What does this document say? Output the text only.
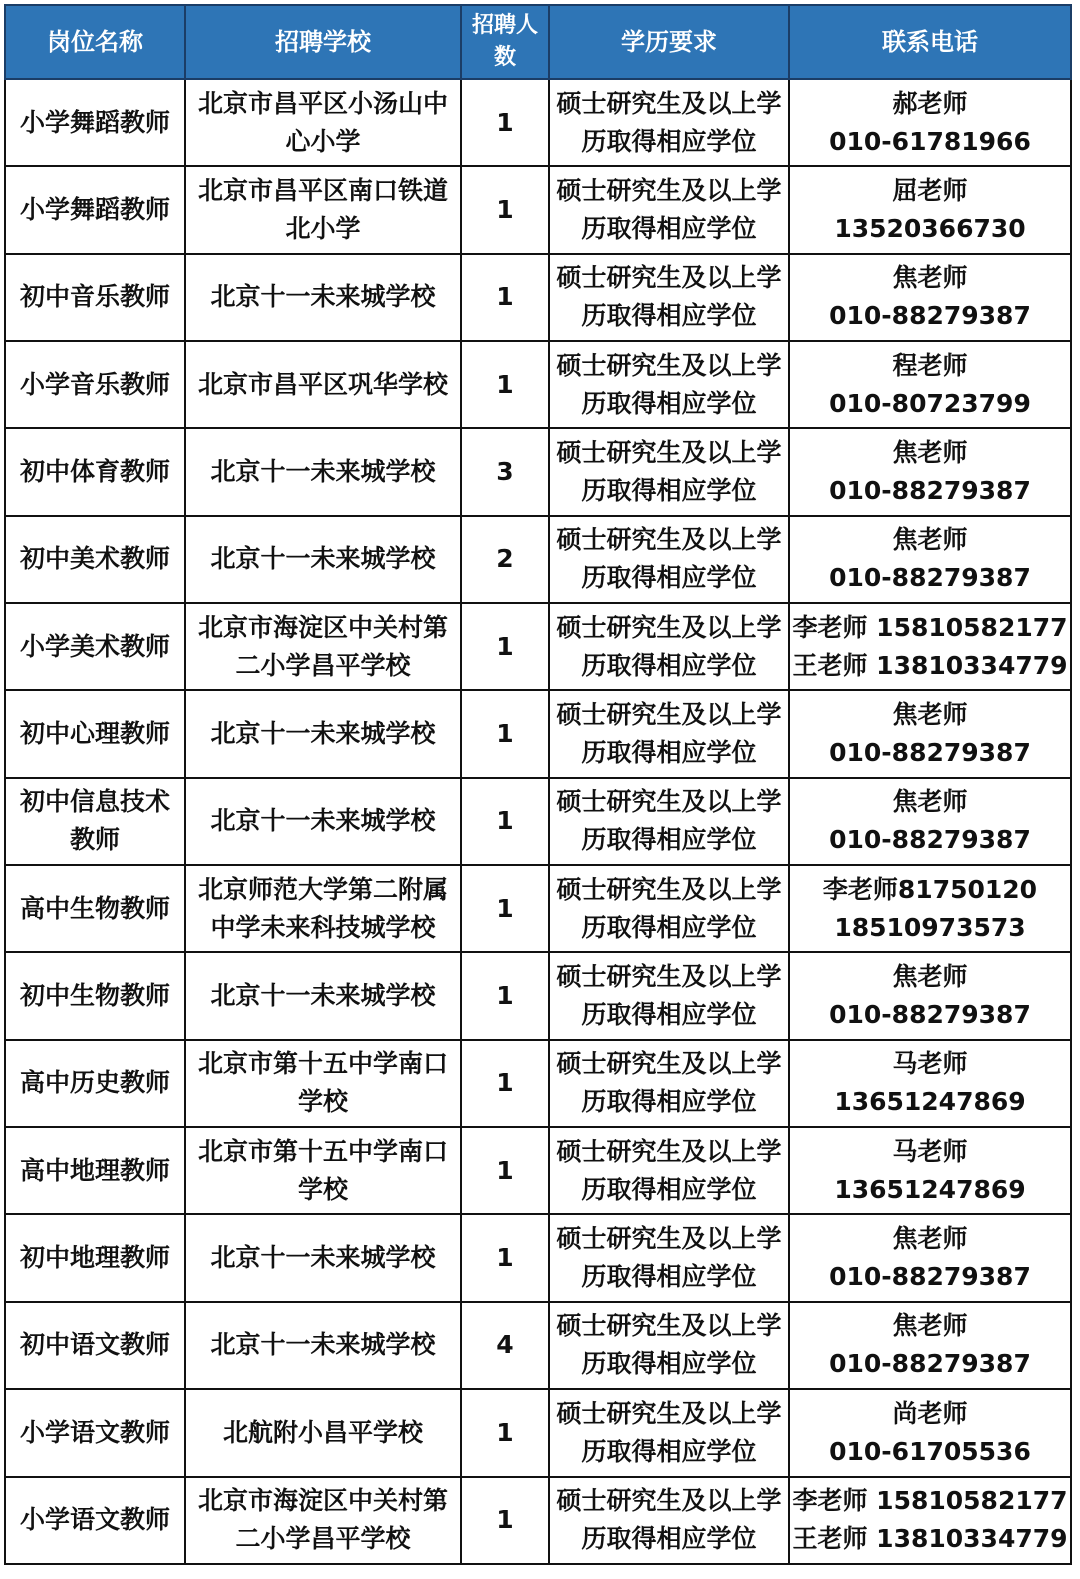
岗位名称	招聘学校	招聘人数	学历要求	联系电话
小学舞蹈教师	北京市昌平区小汤山中心小学	1	硕士研究生及以上学历取得相应学位	郝老师
010-61781966

小学舞蹈教师	北京市昌平区南口铁道北小学	1	硕士研究生及以上学历取得相应学位	屈老师
13520366730

初中音乐教师	北京十一未来城学校	1	硕士研究生及以上学历取得相应学位	焦老师
010-88279387

小学音乐教师	北京市昌平区巩华学校	1	硕士研究生及以上学历取得相应学位	程老师
010-80723799

初中体育教师	北京十一未来城学校	3	硕士研究生及以上学历取得相应学位	焦老师
010-88279387

初中美术教师	北京十一未来城学校	2	硕士研究生及以上学历取得相应学位	焦老师
010-88279387

小学美术教师	北京市海淀区中关村第二小学昌平学校	1	硕士研究生及以上学历取得相应学位	李老师 15810582177
王老师 13810334779

初中心理教师	北京十一未来城学校	1	硕士研究生及以上学历取得相应学位	焦老师
010-88279387

初中信息技术教师	北京十一未来城学校	1	硕士研究生及以上学历取得相应学位	焦老师
010-88279387

高中生物教师	北京师范大学第二附属中学未来科技城学校	1	硕士研究生及以上学历取得相应学位	李老师81750120
18510973573

初中生物教师	北京十一未来城学校	1	硕士研究生及以上学历取得相应学位	焦老师
010-88279387

高中历史教师	北京市第十五中学南口学校	1	硕士研究生及以上学历取得相应学位	马老师
13651247869

高中地理教师	北京市第十五中学南口学校	1	硕士研究生及以上学历取得相应学位	马老师
13651247869

初中地理教师	北京十一未来城学校	1	硕士研究生及以上学历取得相应学位	焦老师
010-88279387

初中语文教师	北京十一未来城学校	4	硕士研究生及以上学历取得相应学位	焦老师
010-88279387

小学语文教师	北航附小昌平学校	1	硕士研究生及以上学历取得相应学位	尚老师
010-61705536

小学语文教师	北京市海淀区中关村第二小学昌平学校	1	硕士研究生及以上学历取得相应学位	李老师 15810582177
王老师 13810334779
